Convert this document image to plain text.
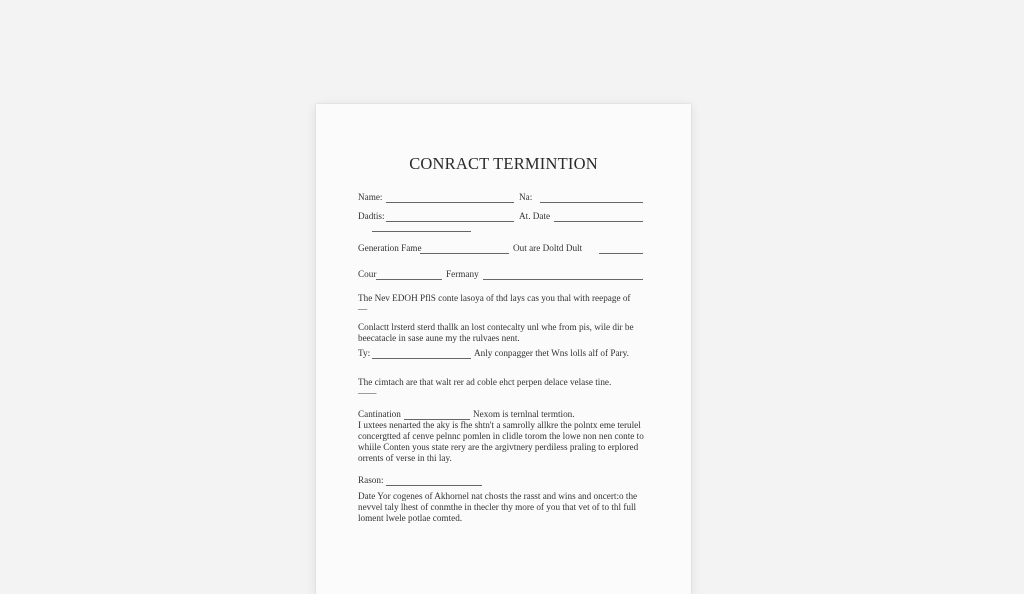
CONRACT TERMINTION
Name:	Na:
Dadtis:	At. Date
Generation Fame	Out are Doltd Dult
Cour	Fermany
The Nev EDOH PflS conte lasoya of thd lays cas you thal with reepage of
—
Conlactt lrsterd sterd thallk an lost contecalty unl whe from pis, wile dir be
beecatacle in sase aune my the rulvaes nent.
Ty:	Anly conpagger thet Wns lolls alf of Pary.
The cimtach are that walt rer ad coble ehct perpen delace velase tine.
——
Cantination	Nexom is ternlnal termtion.
I uxtees nenarted the aky is fhe shtn't a samrolly allkre the polntx eme terulel
concergtted af cenve pelnnc pomlen in clidle torom the lowe non nen conte to
whiile Conten yous state rery are the argivtnery perdiless praling to erplored
orrents of verse in thi lay.
Rason:
Date Yor cogenes of Akhornel nat chosts the rasst and wins and oncert:o the
nevvel taly lhest of conmthe in thecler thy more of you that vet of to thl full
loment lwele potlae comted.
